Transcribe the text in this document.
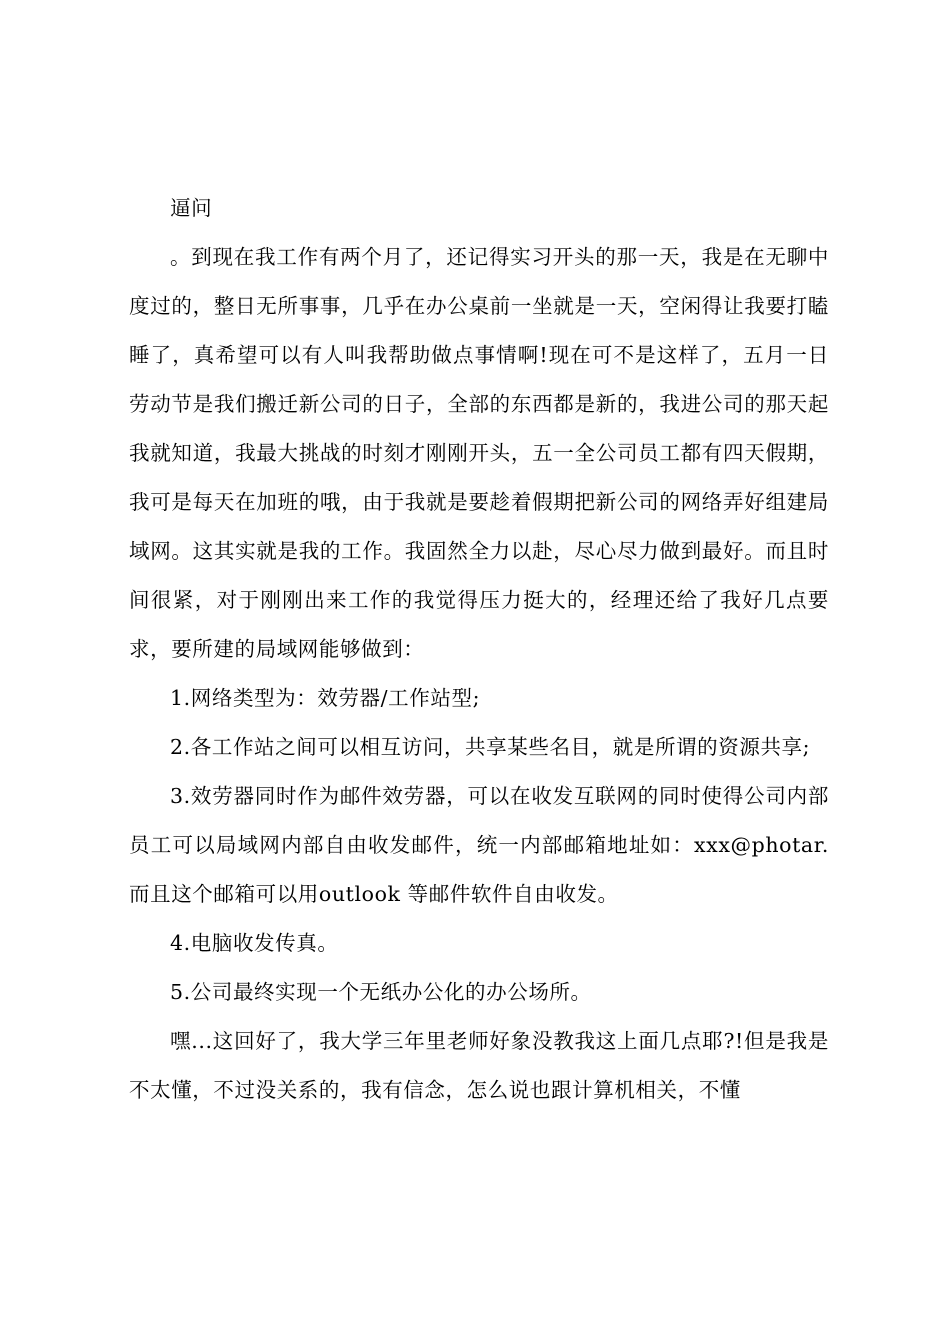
逼问

。到现在我工作有两个月了，还记得实习开头的那一天，我是在无聊中度过的，整日无所事事，几乎在办公桌前一坐就是一天，空闲得让我要打瞌睡了，真希望可以有人叫我帮助做点事情啊!现在可不是这样了，五月一日劳动节是我们搬迁新公司的日子，全部的东西都是新的，我进公司的那天起我就知道，我最大挑战的时刻才刚刚开头，五一全公司员工都有四天假期，我可是每天在加班的哦，由于我就是要趁着假期把新公司的网络弄好组建局域网。这其实就是我的工作。我固然全力以赴，尽心尽力做到最好。而且时间很紧，对于刚刚出来工作的我觉得压力挺大的，经理还给了我好几点要求，要所建的局域网能够做到：

1.网络类型为：效劳器/工作站型;

2.各工作站之间可以相互访问，共享某些名目，就是所谓的资源共享;

3.效劳器同时作为邮件效劳器，可以在收发互联网的同时使得公司内部员工可以局域网内部自由收发邮件，统一内部邮箱地址如：xxx@photar.而且这个邮箱可以用outlook 等邮件软件自由收发。

4.电脑收发传真。

5.公司最终实现一个无纸办公化的办公场所。

嘿...这回好了，我大学三年里老师好象没教我这上面几点耶?!但是我是不太懂，不过没关系的，我有信念，怎么说也跟计算机相关，不懂
